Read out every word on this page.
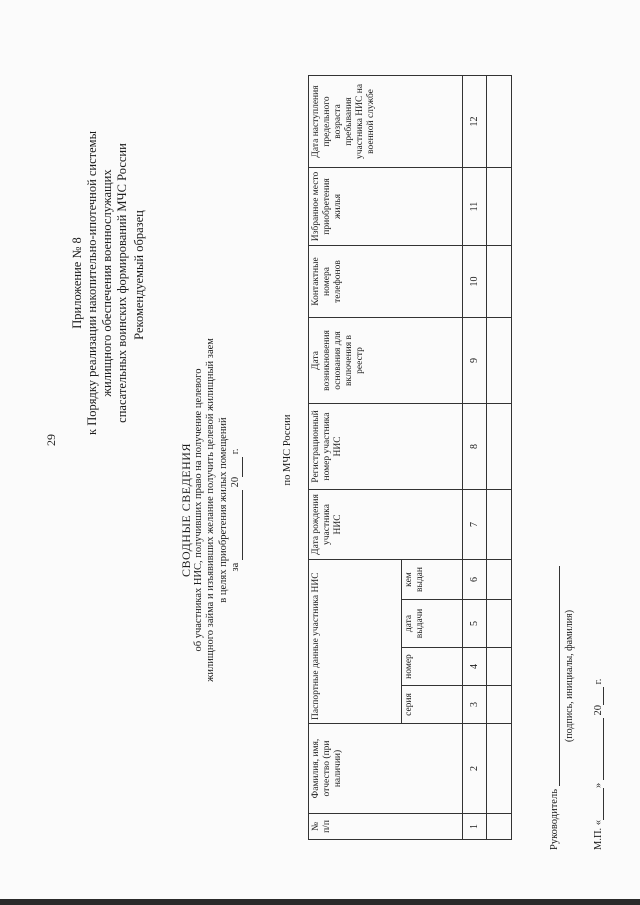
29
Приложение № 8 к Порядку реализации накопительно-ипотечной системы жилищного обеспечения военнослужащих спасательных воинских формирований МЧС России Рекомендуемый образец
СВОДНЫЕ СВЕДЕНИЯ об участниках НИС, получивших право на получение целевого жилищного займа и изъявивших желание получить целевой жилищный заем в целях приобретения жилых помещений за  20 г.	по МЧС России
№ п/п	Фамилия, имя, отчество (при наличии)	Паспортные данные участника НИС				Дата рождения участника НИС	Регистрационный номер участника НИС	Дата возникновения основания для включения в реестр	Контактные номера телефонов	Избранное место приобретения жилья	Дата наступления предельного возраста пребывания участника НИС на военной службе
		серия	номер	дата выдачи	кем выдан						
1	2	3	4	5	6	7	8	9	10	11	12

Руководитель
(подпись, инициалы, фамилия)
М.П. «»  20 г.
